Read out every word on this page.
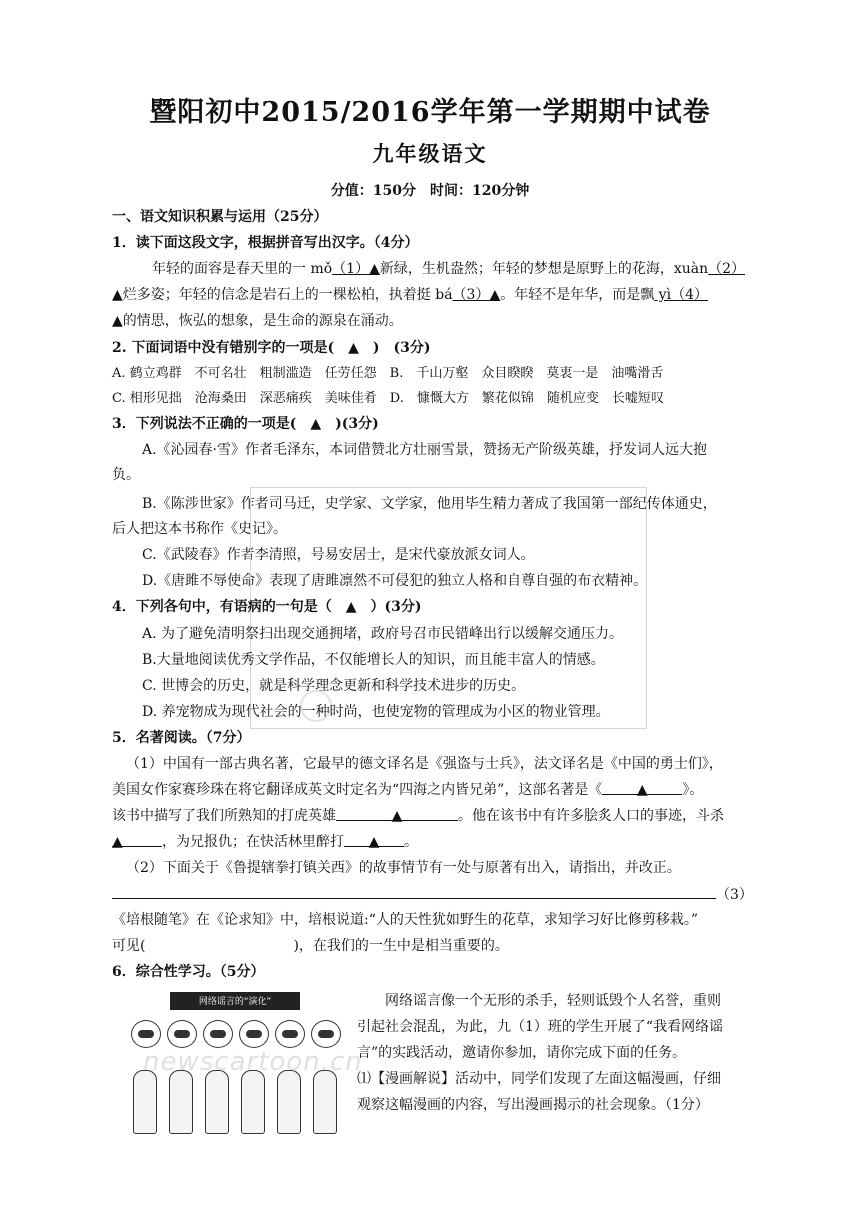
暨阳初中2015/2016学年第一学期期中试卷
九年级语文
分值：150分　时间：120分钟
一、语文知识积累与运用（25分）
1．读下面这段文字，根据拼音写出汉字。（4分）
年轻的面容是春天里的一 mǒ（1）▲新绿，生机盎然；年轻的梦想是原野上的花海，xuàn（2）
▲烂多姿；年轻的信念是岩石上的一棵松柏，执着挺 bá（3）▲。年轻不是年华，而是飘 yì（4）
▲的情思，恢弘的想象，是生命的源泉在涌动。
2. 下面词语中没有错别字的一项是(　▲　)　(3分)
A. 鹤立鸡群　不可名壮　粗制滥造　任劳任怨　B.　千山万壑　众目睽睽　莫衷一是　油嘴滑舌
C. 相形见拙　沧海桑田　深恶痛疾　美味佳肴　D.　慷慨大方　繁花似锦　随机应变　长嘘短叹
3．下列说法不正确的一项是(　▲　)(3分)
A.《沁园春·雪》作者毛泽东，本词借赞北方壮丽雪景，赞扬无产阶级英雄，抒发词人远大抱
负。
B.《陈涉世家》作者司马迁，史学家、文学家，他用毕生精力著成了我国第一部纪传体通史，
后人把这本书称作《史记》。
C.《武陵春》作者李清照，号易安居士，是宋代豪放派女词人。
D.《唐雎不辱使命》表现了唐雎凛然不可侵犯的独立人格和自尊自强的布衣精神。
4．下列各句中，有语病的一句是（　▲　）(3分)
A. 为了避免清明祭扫出现交通拥堵，政府号召市民错峰出行以缓解交通压力。
B.大量地阅读优秀文学作品，不仅能增长人的知识，而且能丰富人的情感。
C. 世博会的历史，就是科学理念更新和科学技术进步的历史。
D. 养宠物成为现代社会的一种时尚，也使宠物的管理成为小区的物业管理。
5．名著阅读。（7分）
（1）中国有一部古典名著，它最早的德文译名是《强盗与士兵》，法文译名是《中国的勇士们》，
美国女作家赛珍珠在将它翻译成英文时定名为“四海之内皆兄弟”，这部名著是《 ▲ 》。
该书中描写了我们所熟知的打虎英雄	▲	。他在该书中有许多脍炙人口的事迹，斗杀
▲	，为兄报仇；在快活林里醉打 ▲ 。
（2）下面关于《鲁提辖拳打镇关西》的故事情节有一处与原著有出入，请指出，并改正。
（3）
《培根随笔》在《论求知》中，培根说道:“人的天性犹如野生的花草，求知学习好比修剪移栽。”
可见(	)，在我们的一生中是相当重要的。
6．综合性学习。（5分）
网络谣言像一个无形的杀手，轻则诋毁个人名誉，重则
引起社会混乱，为此，九（1）班的学生开展了“我看网络谣
言”的实践活动，邀请你参加，请你完成下面的任务。
⑴【漫画解说】活动中，同学们发现了左面这幅漫画，仔细
观察这幅漫画的内容，写出漫画揭示的社会现象。（1分）
网络谣言的“演化”
newscartoon.cn
